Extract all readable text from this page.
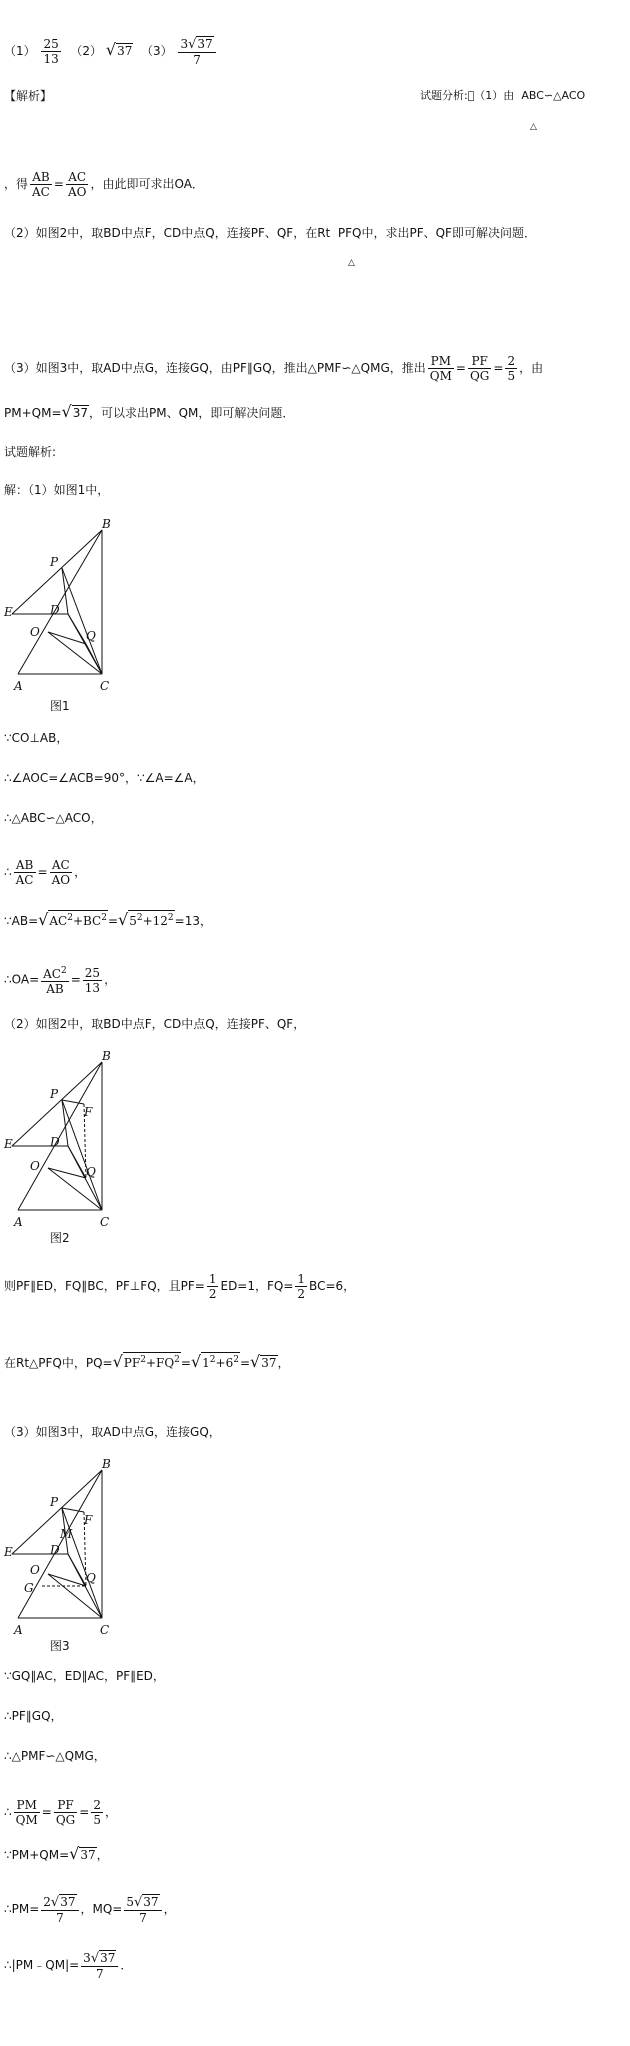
$(1) \frac{25}{13} (2)$ √37 $(3) \frac{3√37}{7}$
【解析】	试题分析: （1）由 ABC∽△ACO
△
，得 $\frac{AB}{AC} = \frac{AC}{AO}$ ，由此即可求出OA．
（2）如图2中，取BD中点F，CD中点Q，连接PF、QF，在Rt PFQ中，求出PF、QF即可解决问题．
△
（3）如图3中，取AD中点G，连接GQ，由PF∥GQ，推出△PMF∽△QMG，推出 $\frac{PM}{QM} = \frac{PF}{QG} = \frac{2}{5}$ ，由
PM+QM=√37，可以求出PM、QM，即可解决问题．
试题解析:
解：（1）如图1中，
B
P
E	D
O	Q
A	C
图1
∵CO⊥AB，
∴∠AOC=∠ACB=90°，∵∠A=∠A，
∴△ABC∽△ACO，
∴ $\frac{AB}{AC} = \frac{AC}{AO}$ ，
$\because AB=√AC^2+BC^2=√5^2+12^2=13$，
∴OA= $\frac{AC^2}{AB} = \frac{25}{13}$ ，
（2）如图2中，取BD中点F，CD中点Q，连接PF、QF，
B
P
F
E	D
O	Q
A	C
图2
则PF∥ED，FQ∥BC，PF⊥FQ，且$PF= \frac{1}{2} ED=1$，$FQ= \frac{1}{2} BC=6$，
在Rt△PFQ中，$PQ=√PF^2+FQ^2=√1^2+6^2=√37$，
（3）如图3中，取AD中点G，连接GQ，
B
P
F
M
E	D
O
G
Q
A	C
图3
∵GQ∥AC，ED∥AC，PF∥ED，
∴PF∥GQ，
∴△PMF∽△QMG，
∴ $\frac{PM}{QM} = \frac{PF}{QG} = \frac{2}{5}$ ，
∵PM+QM=√37，
∴PM= $\frac{2√37}{7}$ ，$MQ= \frac{5√37}{7}$ ，
∴|PM﹣QM|= $\frac{3√37}{7}$ ．
